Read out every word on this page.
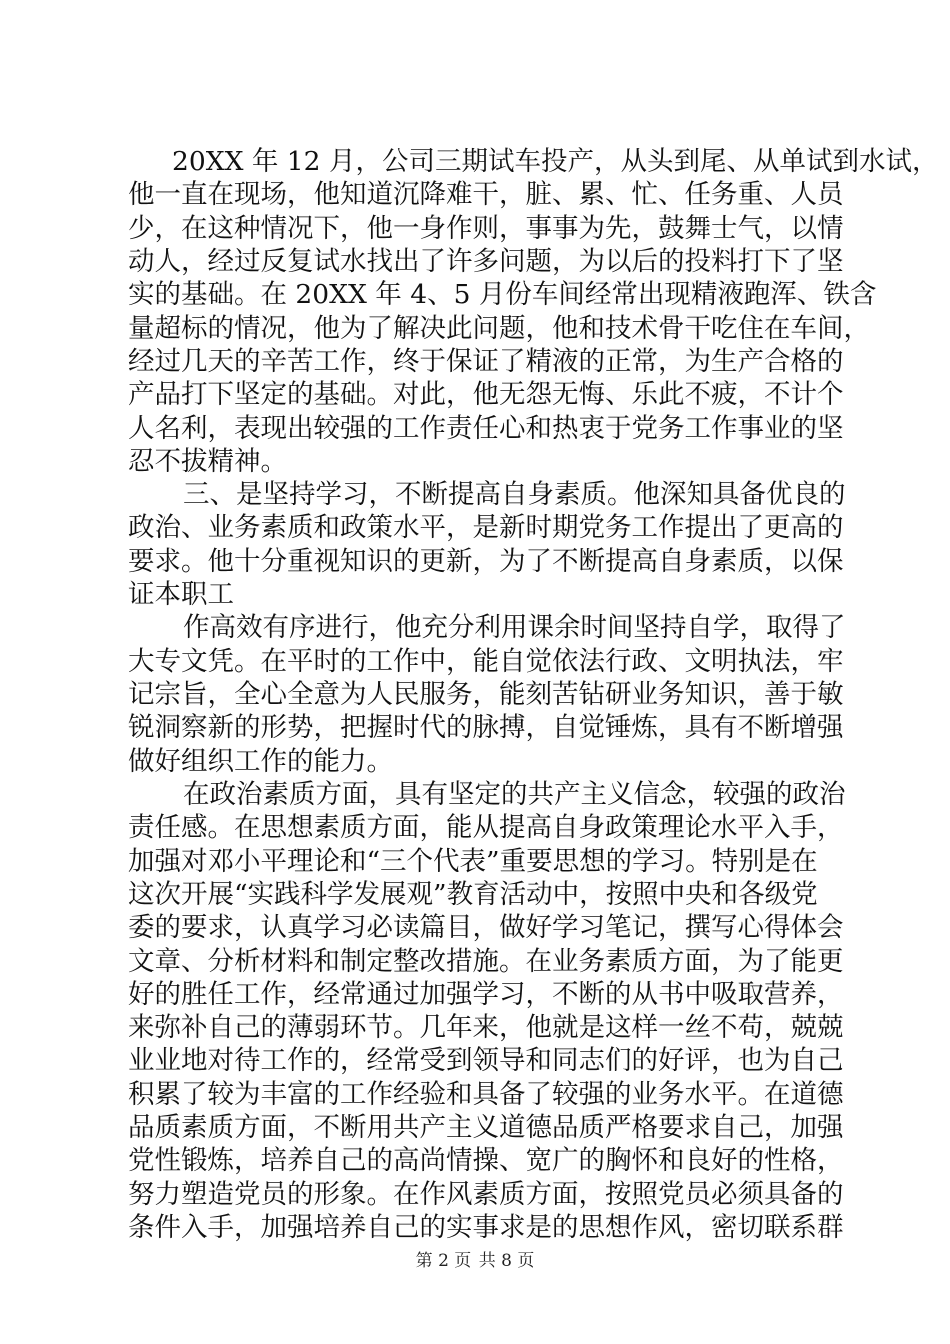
20XX 年 12 月，公司三期试车投产，从头到尾、从单试到水试，
他一直在现场，他知道沉降难干，脏、累、忙、任务重、人员
少，在这种情况下，他一身作则，事事为先，鼓舞士气，以情
动人，经过反复试水找出了许多问题，为以后的投料打下了坚
实的基础。在 20XX 年 4、5 月份车间经常出现精液跑浑、铁含
量超标的情况，他为了解决此问题，他和技术骨干吃住在车间，
经过几天的辛苦工作，终于保证了精液的正常，为生产合格的
产品打下坚定的基础。对此，他无怨无悔、乐此不疲，不计个
人名利，表现出较强的工作责任心和热衷于党务工作事业的坚
忍不拔精神。
三、是坚持学习，不断提高自身素质。他深知具备优良的
政治、业务素质和政策水平，是新时期党务工作提出了更高的
要求。他十分重视知识的更新，为了不断提高自身素质，以保
证本职工
作高效有序进行，他充分利用课余时间坚持自学，取得了
大专文凭。在平时的工作中，能自觉依法行政、文明执法，牢
记宗旨，全心全意为人民服务，能刻苦钻研业务知识，善于敏
锐洞察新的形势，把握时代的脉搏，自觉锤炼，具有不断增强
做好组织工作的能力。
在政治素质方面，具有坚定的共产主义信念，较强的政治
责任感。在思想素质方面，能从提高自身政策理论水平入手，
加强对邓小平理论和“三个代表”重要思想的学习。特别是在
这次开展“实践科学发展观”教育活动中，按照中央和各级党
委的要求，认真学习必读篇目，做好学习笔记，撰写心得体会
文章、分析材料和制定整改措施。在业务素质方面，为了能更
好的胜任工作，经常通过加强学习，不断的从书中吸取营养，
来弥补自己的薄弱环节。几年来，他就是这样一丝不苟，兢兢
业业地对待工作的，经常受到领导和同志们的好评，也为自己
积累了较为丰富的工作经验和具备了较强的业务水平。在道德
品质素质方面，不断用共产主义道德品质严格要求自己，加强
党性锻炼，培养自己的高尚情操、宽广的胸怀和良好的性格，
努力塑造党员的形象。在作风素质方面，按照党员必须具备的
条件入手，加强培养自己的实事求是的思想作风，密切联系群
第 2 页 共 8 页
